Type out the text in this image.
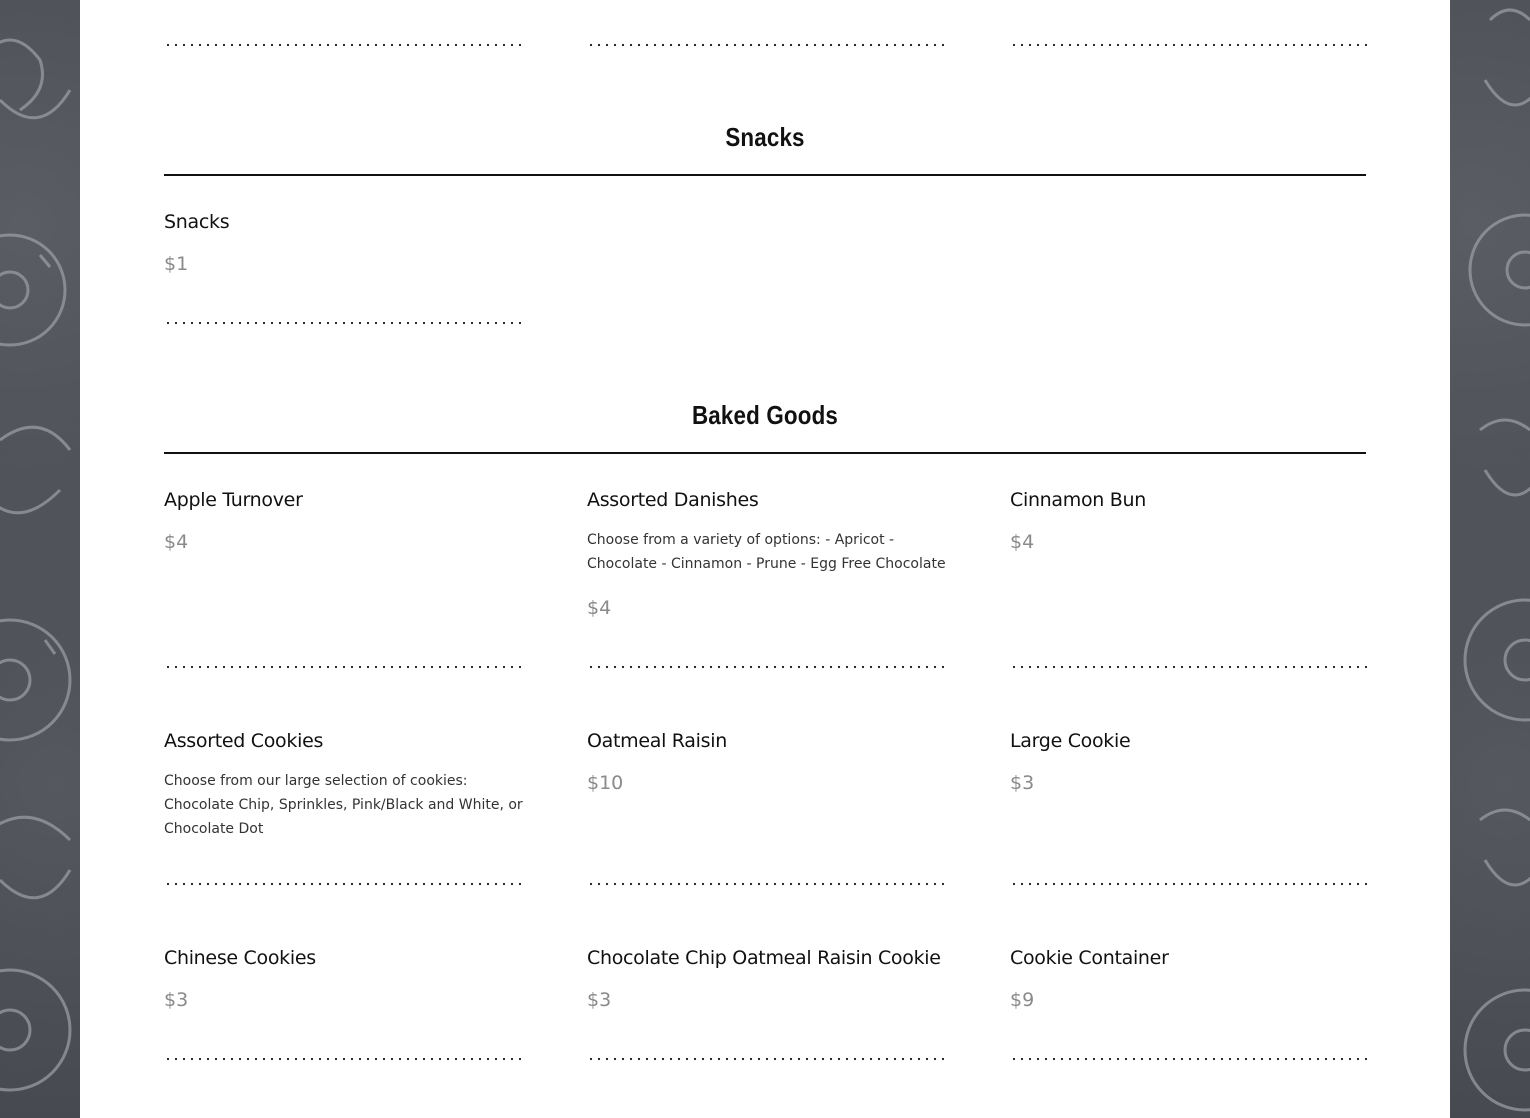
Snacks
Snacks
$1
Baked Goods
Apple Turnover
$4
Assorted Danishes
Choose from a variety of options: - Apricot - Chocolate - Cinnamon - Prune - Egg Free Chocolate
$4
Cinnamon Bun
$4
Assorted Cookies
Choose from our large selection of cookies: Chocolate Chip, Sprinkles, Pink/Black and White, or Chocolate Dot
Oatmeal Raisin
$10
Large Cookie
$3
Chinese Cookies
$3
Chocolate Chip Oatmeal Raisin Cookie
$3
Cookie Container
$9
